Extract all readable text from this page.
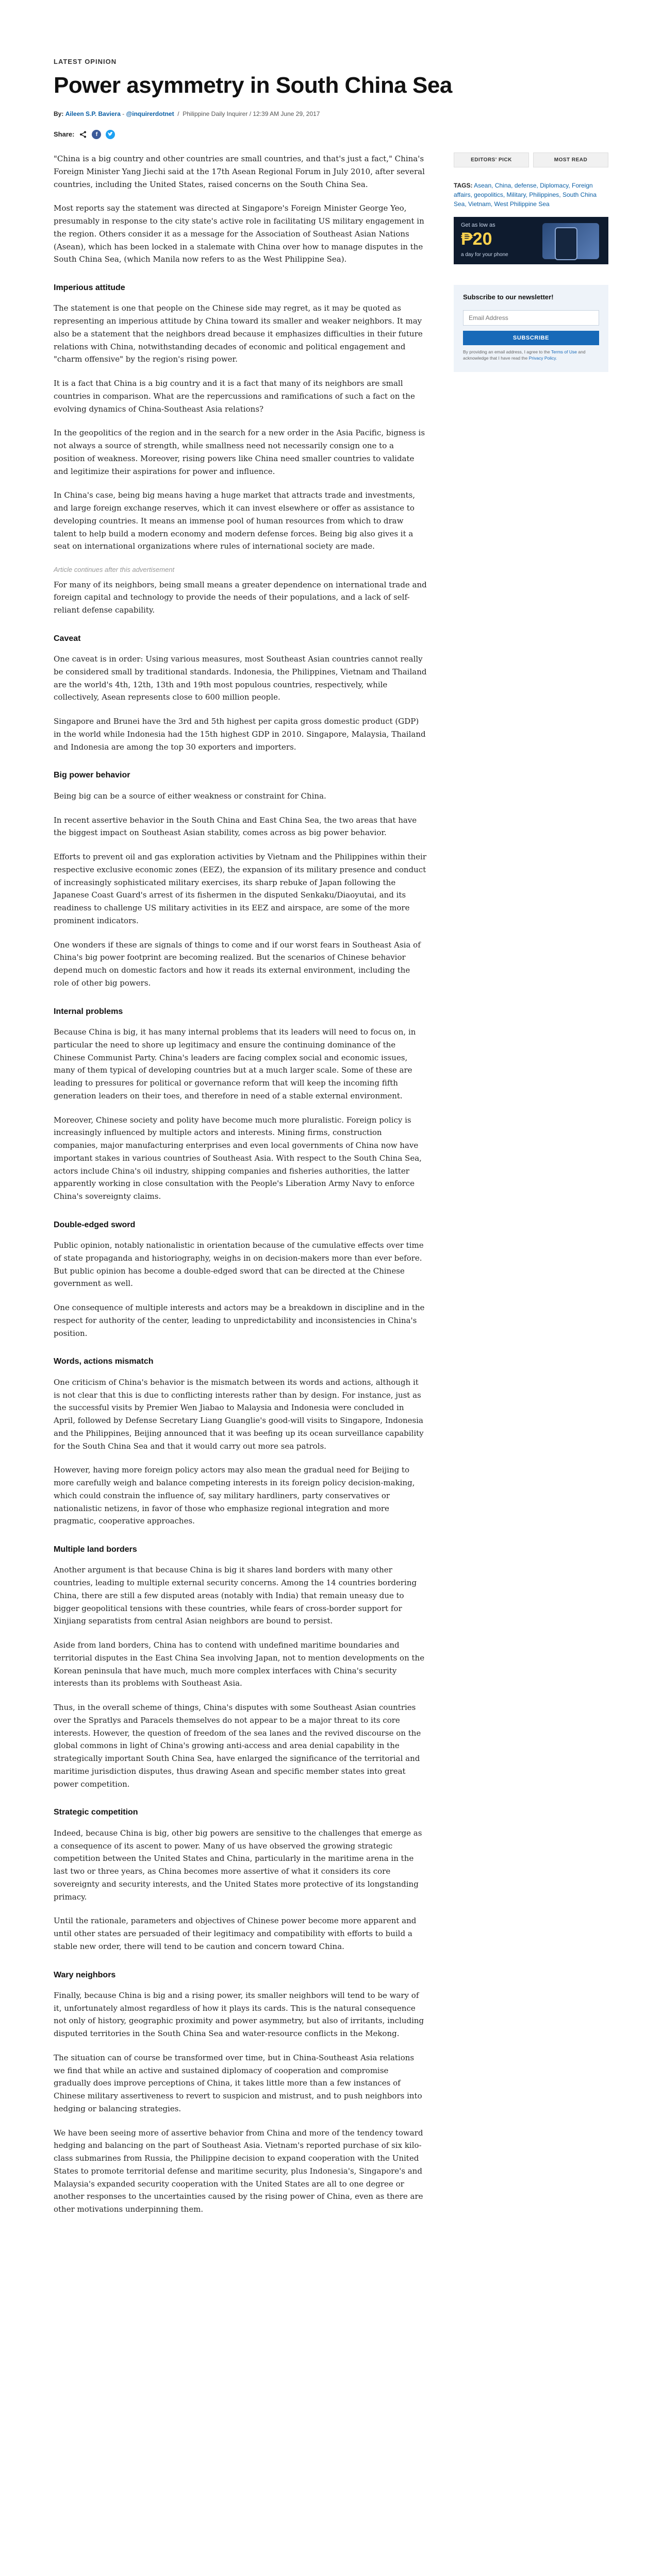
LATEST OPINION
Power asymmetry in South China Sea
By: Aileen S.P. Baviera - @inquirerdotnet  /  Philippine Daily Inquirer / 12:39 AM June 29, 2017
Share:	f

"China is a big country and other countries are small countries, and that's just a fact," China's Foreign Minister Yang Jiechi said at the 17th Asean Regional Forum in July 2010, after several countries, including the United States, raised concerns on the South China Sea.

Most reports say the statement was directed at Singapore's Foreign Minister George Yeo, presumably in response to the city state's active role in facilitating US military engagement in the region. Others consider it as a message for the Association of Southeast Asian Nations (Asean), which has been locked in a stalemate with China over how to manage disputes in the South China Sea, (which Manila now refers to as the West Philippine Sea).

Imperious attitude

The statement is one that people on the Chinese side may regret, as it may be quoted as representing an imperious attitude by China toward its smaller and weaker neighbors. It may also be a statement that the neighbors dread because it emphasizes difficulties in their future relations with China, notwithstanding decades of economic and political engagement and "charm offensive" by the region's rising power.

It is a fact that China is a big country and it is a fact that many of its neighbors are small countries in comparison. What are the repercussions and ramifications of such a fact on the evolving dynamics of China-Southeast Asia relations?

In the geopolitics of the region and in the search for a new order in the Asia Pacific, bigness is not always a source of strength, while smallness need not necessarily consign one to a position of weakness. Moreover, rising powers like China need smaller countries to validate and legitimize their aspirations for power and influence.

In China's case, being big means having a huge market that attracts trade and investments, and large foreign exchange reserves, which it can invest elsewhere or offer as assistance to developing countries. It means an immense pool of human resources from which to draw talent to help build a modern economy and modern defense forces. Being big also gives it a seat on international organizations where rules of international society are made.

Article continues after this advertisement

For many of its neighbors, being small means a greater dependence on international trade and foreign capital and technology to provide the needs of their populations, and a lack of self-reliant defense capability.

Caveat

One caveat is in order: Using various measures, most Southeast Asian countries cannot really be considered small by traditional standards. Indonesia, the Philippines, Vietnam and Thailand are the world's 4th, 12th, 13th and 19th most populous countries, respectively, while collectively, Asean represents close to 600 million people.

Singapore and Brunei have the 3rd and 5th highest per capita gross domestic product (GDP) in the world while Indonesia had the 15th highest GDP in 2010. Singapore, Malaysia, Thailand and Indonesia are among the top 30 exporters and importers.

Big power behavior

Being big can be a source of either weakness or constraint for China.

In recent assertive behavior in the South China and East China Sea, the two areas that have the biggest impact on Southeast Asian stability, comes across as big power behavior.

Efforts to prevent oil and gas exploration activities by Vietnam and the Philippines within their respective exclusive economic zones (EEZ), the expansion of its military presence and conduct of increasingly sophisticated military exercises, its sharp rebuke of Japan following the Japanese Coast Guard's arrest of its fishermen in the disputed Senkaku/Diaoyutai, and its readiness to challenge US military activities in its EEZ and airspace, are some of the more prominent indicators.

One wonders if these are signals of things to come and if our worst fears in Southeast Asia of China's big power footprint are becoming realized. But the scenarios of Chinese behavior depend much on domestic factors and how it reads its external environment, including the role of other big powers.

Internal problems

Because China is big, it has many internal problems that its leaders will need to focus on, in particular the need to shore up legitimacy and ensure the continuing dominance of the Chinese Communist Party. China's leaders are facing complex social and economic issues, many of them typical of developing countries but at a much larger scale. Some of these are leading to pressures for political or governance reform that will keep the incoming fifth generation leaders on their toes, and therefore in need of a stable external environment.

Moreover, Chinese society and polity have become much more pluralistic. Foreign policy is increasingly influenced by multiple actors and interests. Mining firms, construction companies, major manufacturing enterprises and even local governments of China now have important stakes in various countries of Southeast Asia. With respect to the South China Sea, actors include China's oil industry, shipping companies and fisheries authorities, the latter apparently working in close consultation with the People's Liberation Army Navy to enforce China's sovereignty claims.

Double-edged sword

Public opinion, notably nationalistic in orientation because of the cumulative effects over time of state propaganda and historiography, weighs in on decision-makers more than ever before. But public opinion has become a double-edged sword that can be directed at the Chinese government as well.

One consequence of multiple interests and actors may be a breakdown in discipline and in the respect for authority of the center, leading to unpredictability and inconsistencies in China's position.

Words, actions mismatch

One criticism of China's behavior is the mismatch between its words and actions, although it is not clear that this is due to conflicting interests rather than by design. For instance, just as the successful visits by Premier Wen Jiabao to Malaysia and Indonesia were concluded in April, followed by Defense Secretary Liang Guanglie's good-will visits to Singapore, Indonesia and the Philippines, Beijing announced that it was beefing up its ocean surveillance capability for the South China Sea and that it would carry out more sea patrols.

However, having more foreign policy actors may also mean the gradual need for Beijing to more carefully weigh and balance competing interests in its foreign policy decision-making, which could constrain the influence of, say military hardliners, party conservatives or nationalistic netizens, in favor of those who emphasize regional integration and more pragmatic, cooperative approaches.

Multiple land borders

Another argument is that because China is big it shares land borders with many other countries, leading to multiple external security concerns. Among the 14 countries bordering China, there are still a few disputed areas (notably with India) that remain uneasy due to bigger geopolitical tensions with these countries, while fears of cross-border support for Xinjiang separatists from central Asian neighbors are bound to persist.

Aside from land borders, China has to contend with undefined maritime boundaries and territorial disputes in the East China Sea involving Japan, not to mention developments on the Korean peninsula that have much, much more complex interfaces with China's security interests than its problems with Southeast Asia.

Thus, in the overall scheme of things, China's disputes with some Southeast Asian countries over the Spratlys and Paracels themselves do not appear to be a major threat to its core interests. However, the question of freedom of the sea lanes and the revived discourse on the global commons in light of China's growing anti-access and area denial capability in the strategically important South China Sea, have enlarged the significance of the territorial and maritime jurisdiction disputes, thus drawing Asean and specific member states into great power competition.

Strategic competition

Indeed, because China is big, other big powers are sensitive to the challenges that emerge as a consequence of its ascent to power. Many of us have observed the growing strategic competition between the United States and China, particularly in the maritime arena in the last two or three years, as China becomes more assertive of what it considers its core sovereignty and security interests, and the United States more protective of its longstanding primacy.

Until the rationale, parameters and objectives of Chinese power become more apparent and until other states are persuaded of their legitimacy and compatibility with efforts to build a stable new order, there will tend to be caution and concern toward China.

Wary neighbors

Finally, because China is big and a rising power, its smaller neighbors will tend to be wary of it, unfortunately almost regardless of how it plays its cards. This is the natural consequence not only of history, geographic proximity and power asymmetry, but also of irritants, including disputed territories in the South China Sea and water-resource conflicts in the Mekong.

The situation can of course be transformed over time, but in China-Southeast Asia relations we find that while an active and sustained diplomacy of cooperation and compromise gradually does improve perceptions of China, it takes little more than a few instances of Chinese military assertiveness to revert to suspicion and mistrust, and to push neighbors into hedging or balancing strategies.

We have been seeing more of assertive behavior from China and more of the tendency toward hedging and balancing on the part of Southeast Asia. Vietnam's reported purchase of six kilo-class submarines from Russia, the Philippine decision to expand cooperation with the United States to promote territorial defense and maritime security, plus Indonesia's, Singapore's and Malaysia's expanded security cooperation with the United States are all to one degree or another responses to the uncertainties caused by the rising power of China, even as there are other motivations underpinning them.

EDITORS' PICK	MOST READ
TAGS: Asean, China, defense, Diplomacy, Foreign affairs, geopolitics, Military, Philippines, South China Sea, Vietnam, West Philippine Sea
Get as low as
₱20
a day for your phone
Subscribe to our newsletter!
Email Address SUBSCRIBE
By providing an email address, I agree to the Terms of Use and acknowledge that I have read the Privacy Policy.
